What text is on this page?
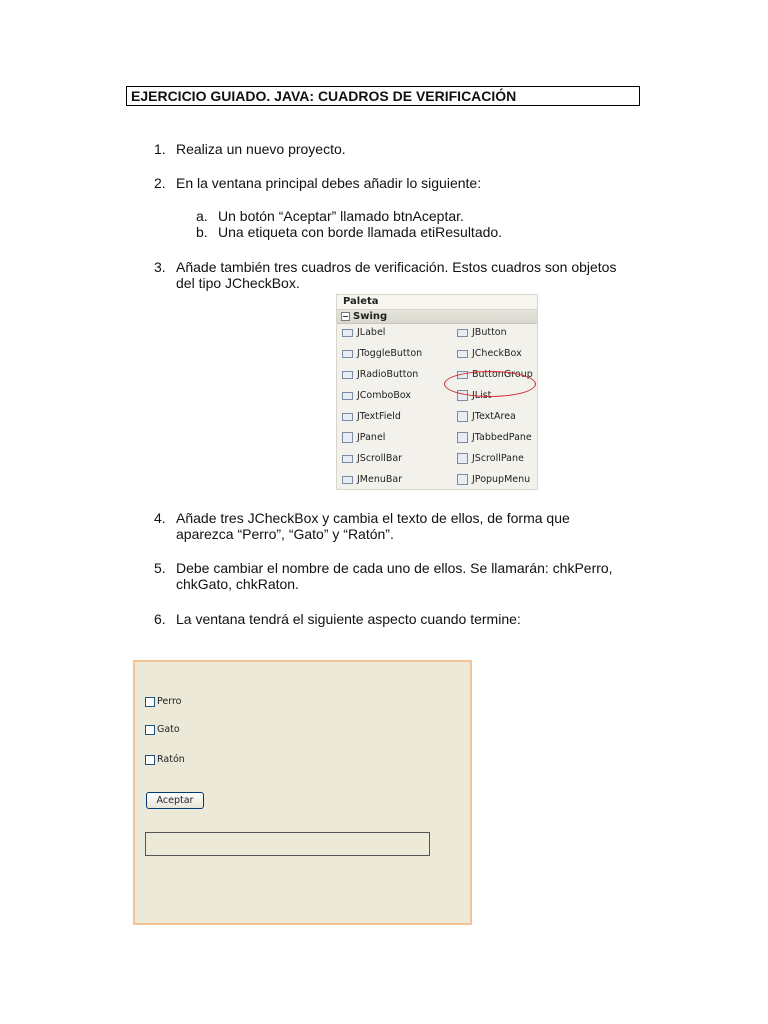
EJERCICIO GUIADO. JAVA: CUADROS DE VERIFICACIÓN
1. Realiza un nuevo proyecto.
2. En la ventana principal debes añadir lo siguiente:
a. Un botón “Aceptar” llamado btnAceptar.
b. Una etiqueta con borde llamada etiResultado.
3. Añade también tres cuadros de verificación. Estos cuadros son objetos
del tipo JCheckBox.
Paleta
− Swing
JLabel	JButton
JToggleButton	JCheckBox
JRadioButton	ButtonGroup
JComboBox	JList
JTextField	JTextArea
JPanel	JTabbedPane
JScrollBar	JScrollPane
JMenuBar	JPopupMenu
4. Añade tres JCheckBox y cambia el texto de ellos, de forma que
aparezca “Perro”, “Gato” y “Ratón”.
5. Debe cambiar el nombre de cada uno de ellos. Se llamarán: chkPerro,
chkGato, chkRaton.
6. La ventana tendrá el siguiente aspecto cuando termine:
Perro
Gato
Ratón
Aceptar
